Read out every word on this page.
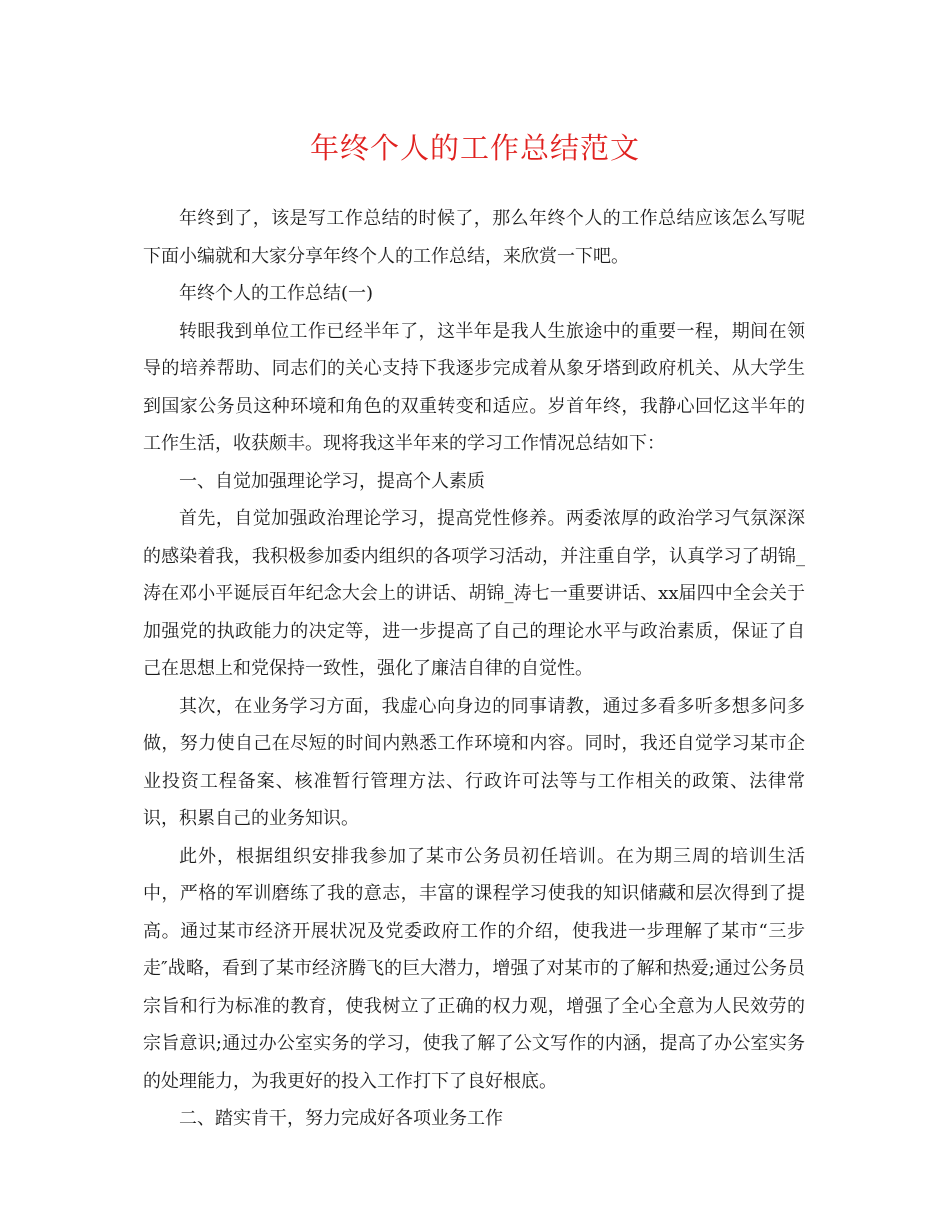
年终个人的工作总结范文

年终到了，该是写工作总结的时候了，那么年终个人的工作总结应该怎么写呢下面小编就和大家分享年终个人的工作总结，来欣赏一下吧。

年终个人的工作总结(一)

转眼我到单位工作已经半年了，这半年是我人生旅途中的重要一程，期间在领导的培养帮助、同志们的关心支持下我逐步完成着从象牙塔到政府机关、从大学生到国家公务员这种环境和角色的双重转变和适应。岁首年终，我静心回忆这半年的工作生活，收获颇丰。现将我这半年来的学习工作情况总结如下：

一、自觉加强理论学习，提高个人素质

首先，自觉加强政治理论学习，提高党性修养。两委浓厚的政治学习气氛深深的感染着我，我积极参加委内组织的各项学习活动，并注重自学，认真学习了胡锦_涛在邓小平诞辰百年纪念大会上的讲话、胡锦_涛七一重要讲话、xx届四中全会关于加强党的执政能力的决定等，进一步提高了自己的理论水平与政治素质，保证了自己在思想上和党保持一致性，强化了廉洁自律的自觉性。

其次，在业务学习方面，我虚心向身边的同事请教，通过多看多听多想多问多做，努力使自己在尽短的时间内熟悉工作环境和内容。同时，我还自觉学习某市企业投资工程备案、核准暂行管理方法、行政许可法等与工作相关的政策、法律常识，积累自己的业务知识。

此外，根据组织安排我参加了某市公务员初任培训。在为期三周的培训生活中，严格的军训磨练了我的意志，丰富的课程学习使我的知识储藏和层次得到了提高。通过某市经济开展状况及党委政府工作的介绍，使我进一步理解了某市“三步走″战略，看到了某市经济腾飞的巨大潜力，增强了对某市的了解和热爱;通过公务员宗旨和行为标准的教育，使我树立了正确的权力观，增强了全心全意为人民效劳的宗旨意识;通过办公室实务的学习，使我了解了公文写作的内涵，提高了办公室实务的处理能力，为我更好的投入工作打下了良好根底。

二、踏实肯干，努力完成好各项业务工作
